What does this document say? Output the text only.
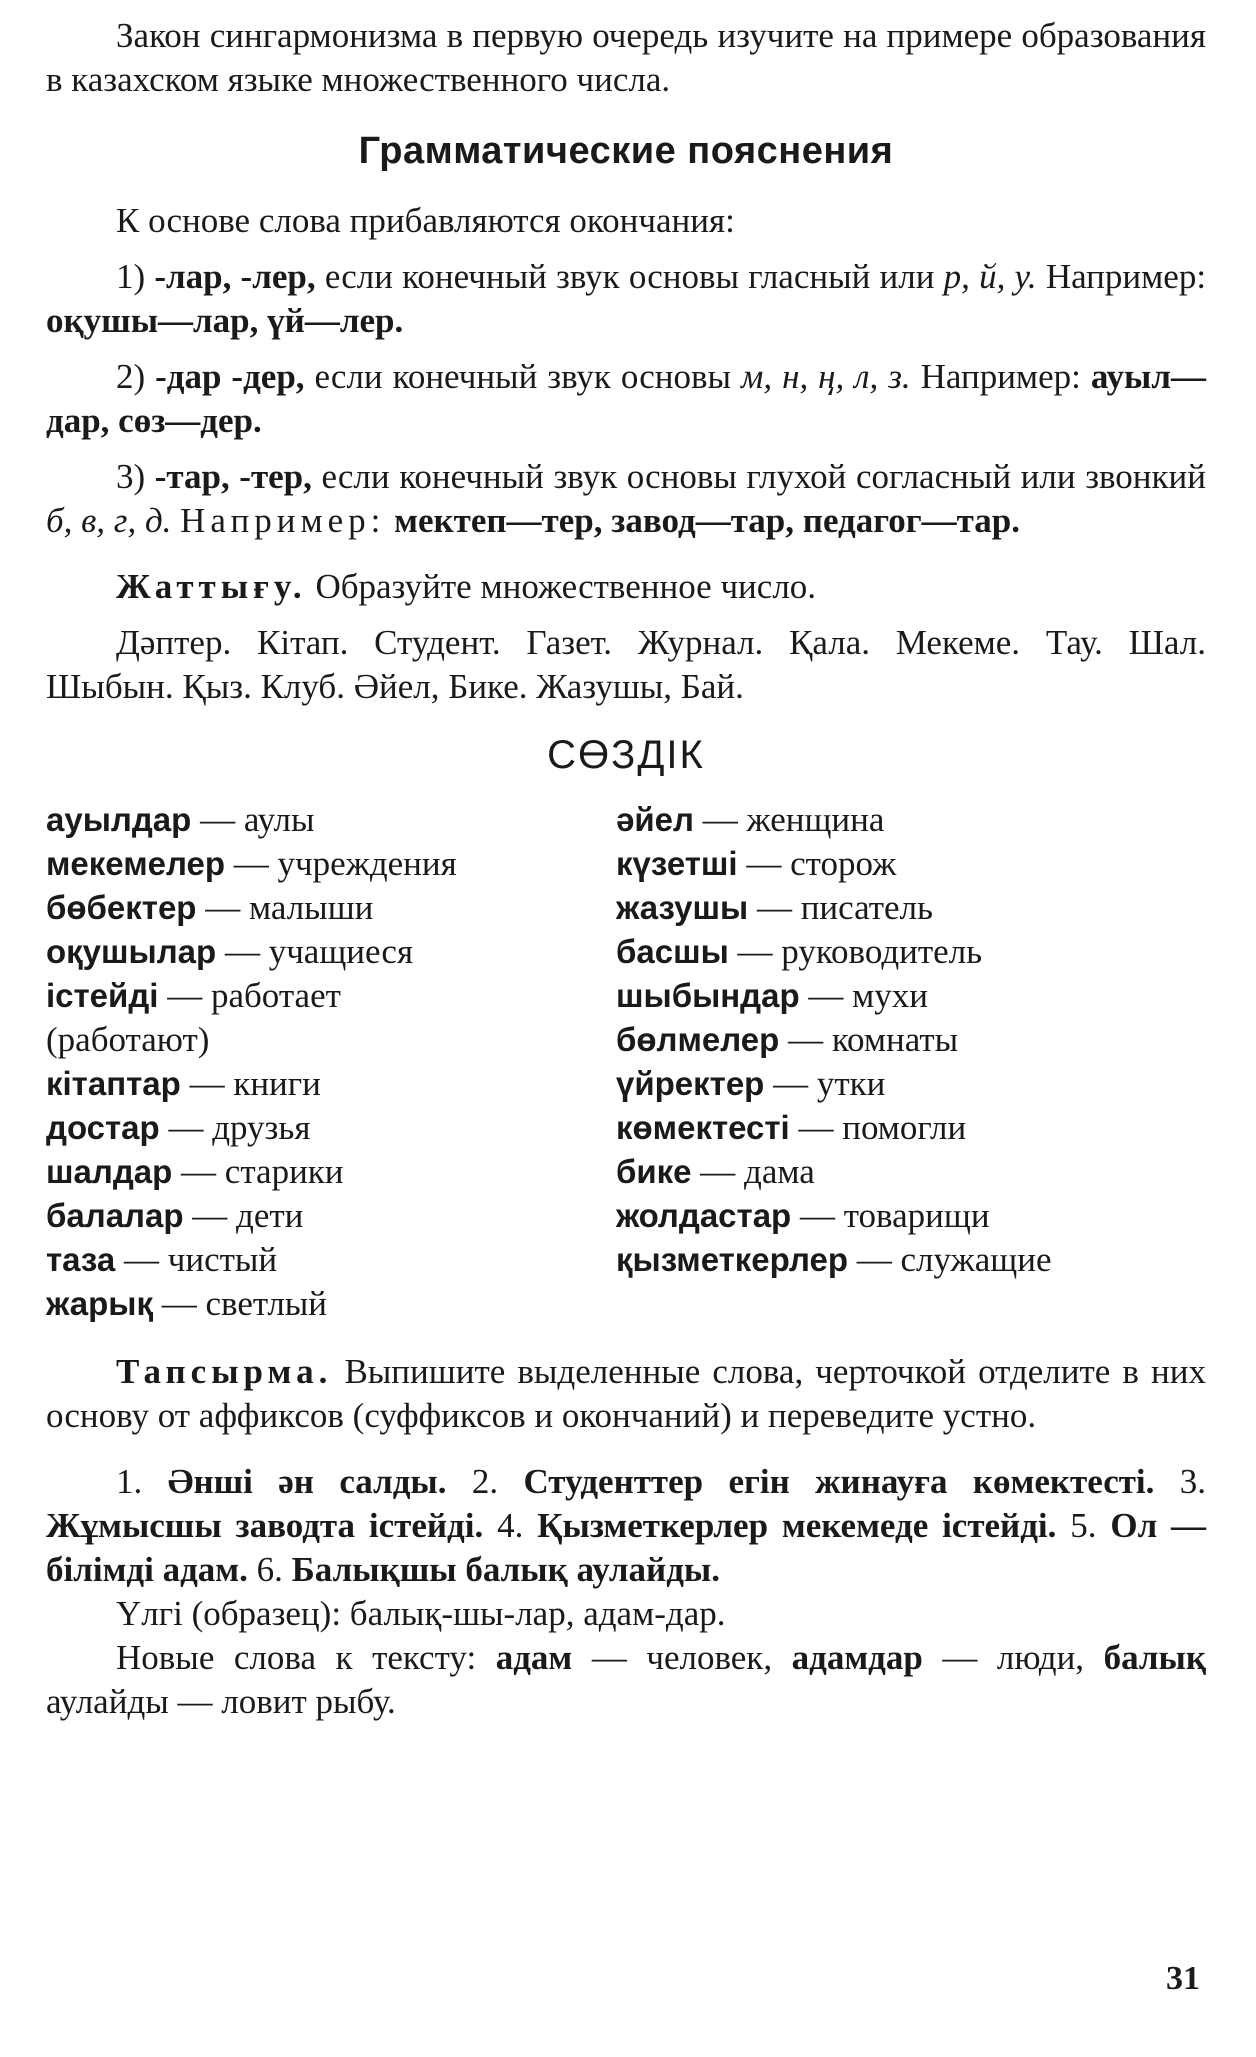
Закон сингармонизма в первую очередь изучите на примере образования в казахском языке множественного числа.

Грамматические пояснения

К основе слова прибавляются окончания:

1) -лар, -лер, если конечный звук основы гласный или р, й, у. Например: оқушы—лар, үй—лер.

2) -дар -дер, если конечный звук основы м, н, ң, л, з. Например: ауыл—дар, сөз—дер.

3) -тар, -тер, если конечный звук основы глухой согласный или звонкий б, в, г, д. Например: мектеп—тер, завод—тар, педагог—тар.

Жаттығу. Образуйте множественное число.

Дәптер. Кітап. Студент. Газет. Журнал. Қала. Мекеме. Тау. Шал. Шыбын. Қыз. Клуб. Әйел, Бике. Жазушы, Бай.

СӨЗДІК
ауылдар — аулы
мекемелер — учреждения
бөбектер — малыши
оқушылар — учащиеся
істейді — работает
(работают)
кітаптар — книги
достар — друзья
шалдар — старики
балалар — дети
таза — чистый
жарық — светлый
әйел — женщина
күзетші — сторож
жазушы — писатель
басшы — руководитель
шыбындар — мухи
бөлмелер — комнаты
үйректер — утки
көмектесті — помогли
бике — дама
жолдастар — товарищи
қызметкерлер — служащие

Тапсырма. Выпишите выделенные слова, черточкой отделите в них основу от аффиксов (суффиксов и окончаний) и переведите устно.

1. Әнші ән салды. 2. Студенттер егін жинауға көмектесті. 3. Жұмысшы заводта істейді. 4. Қызметкерлер мекемеде істейді. 5. Ол — білімді адам. 6. Балықшы балық аулайды.

Үлгі (образец): балық-шы-лар, адам-дар.

Новые слова к тексту: адам — человек, адамдар — люди, балық аулайды — ловит рыбу.

31
